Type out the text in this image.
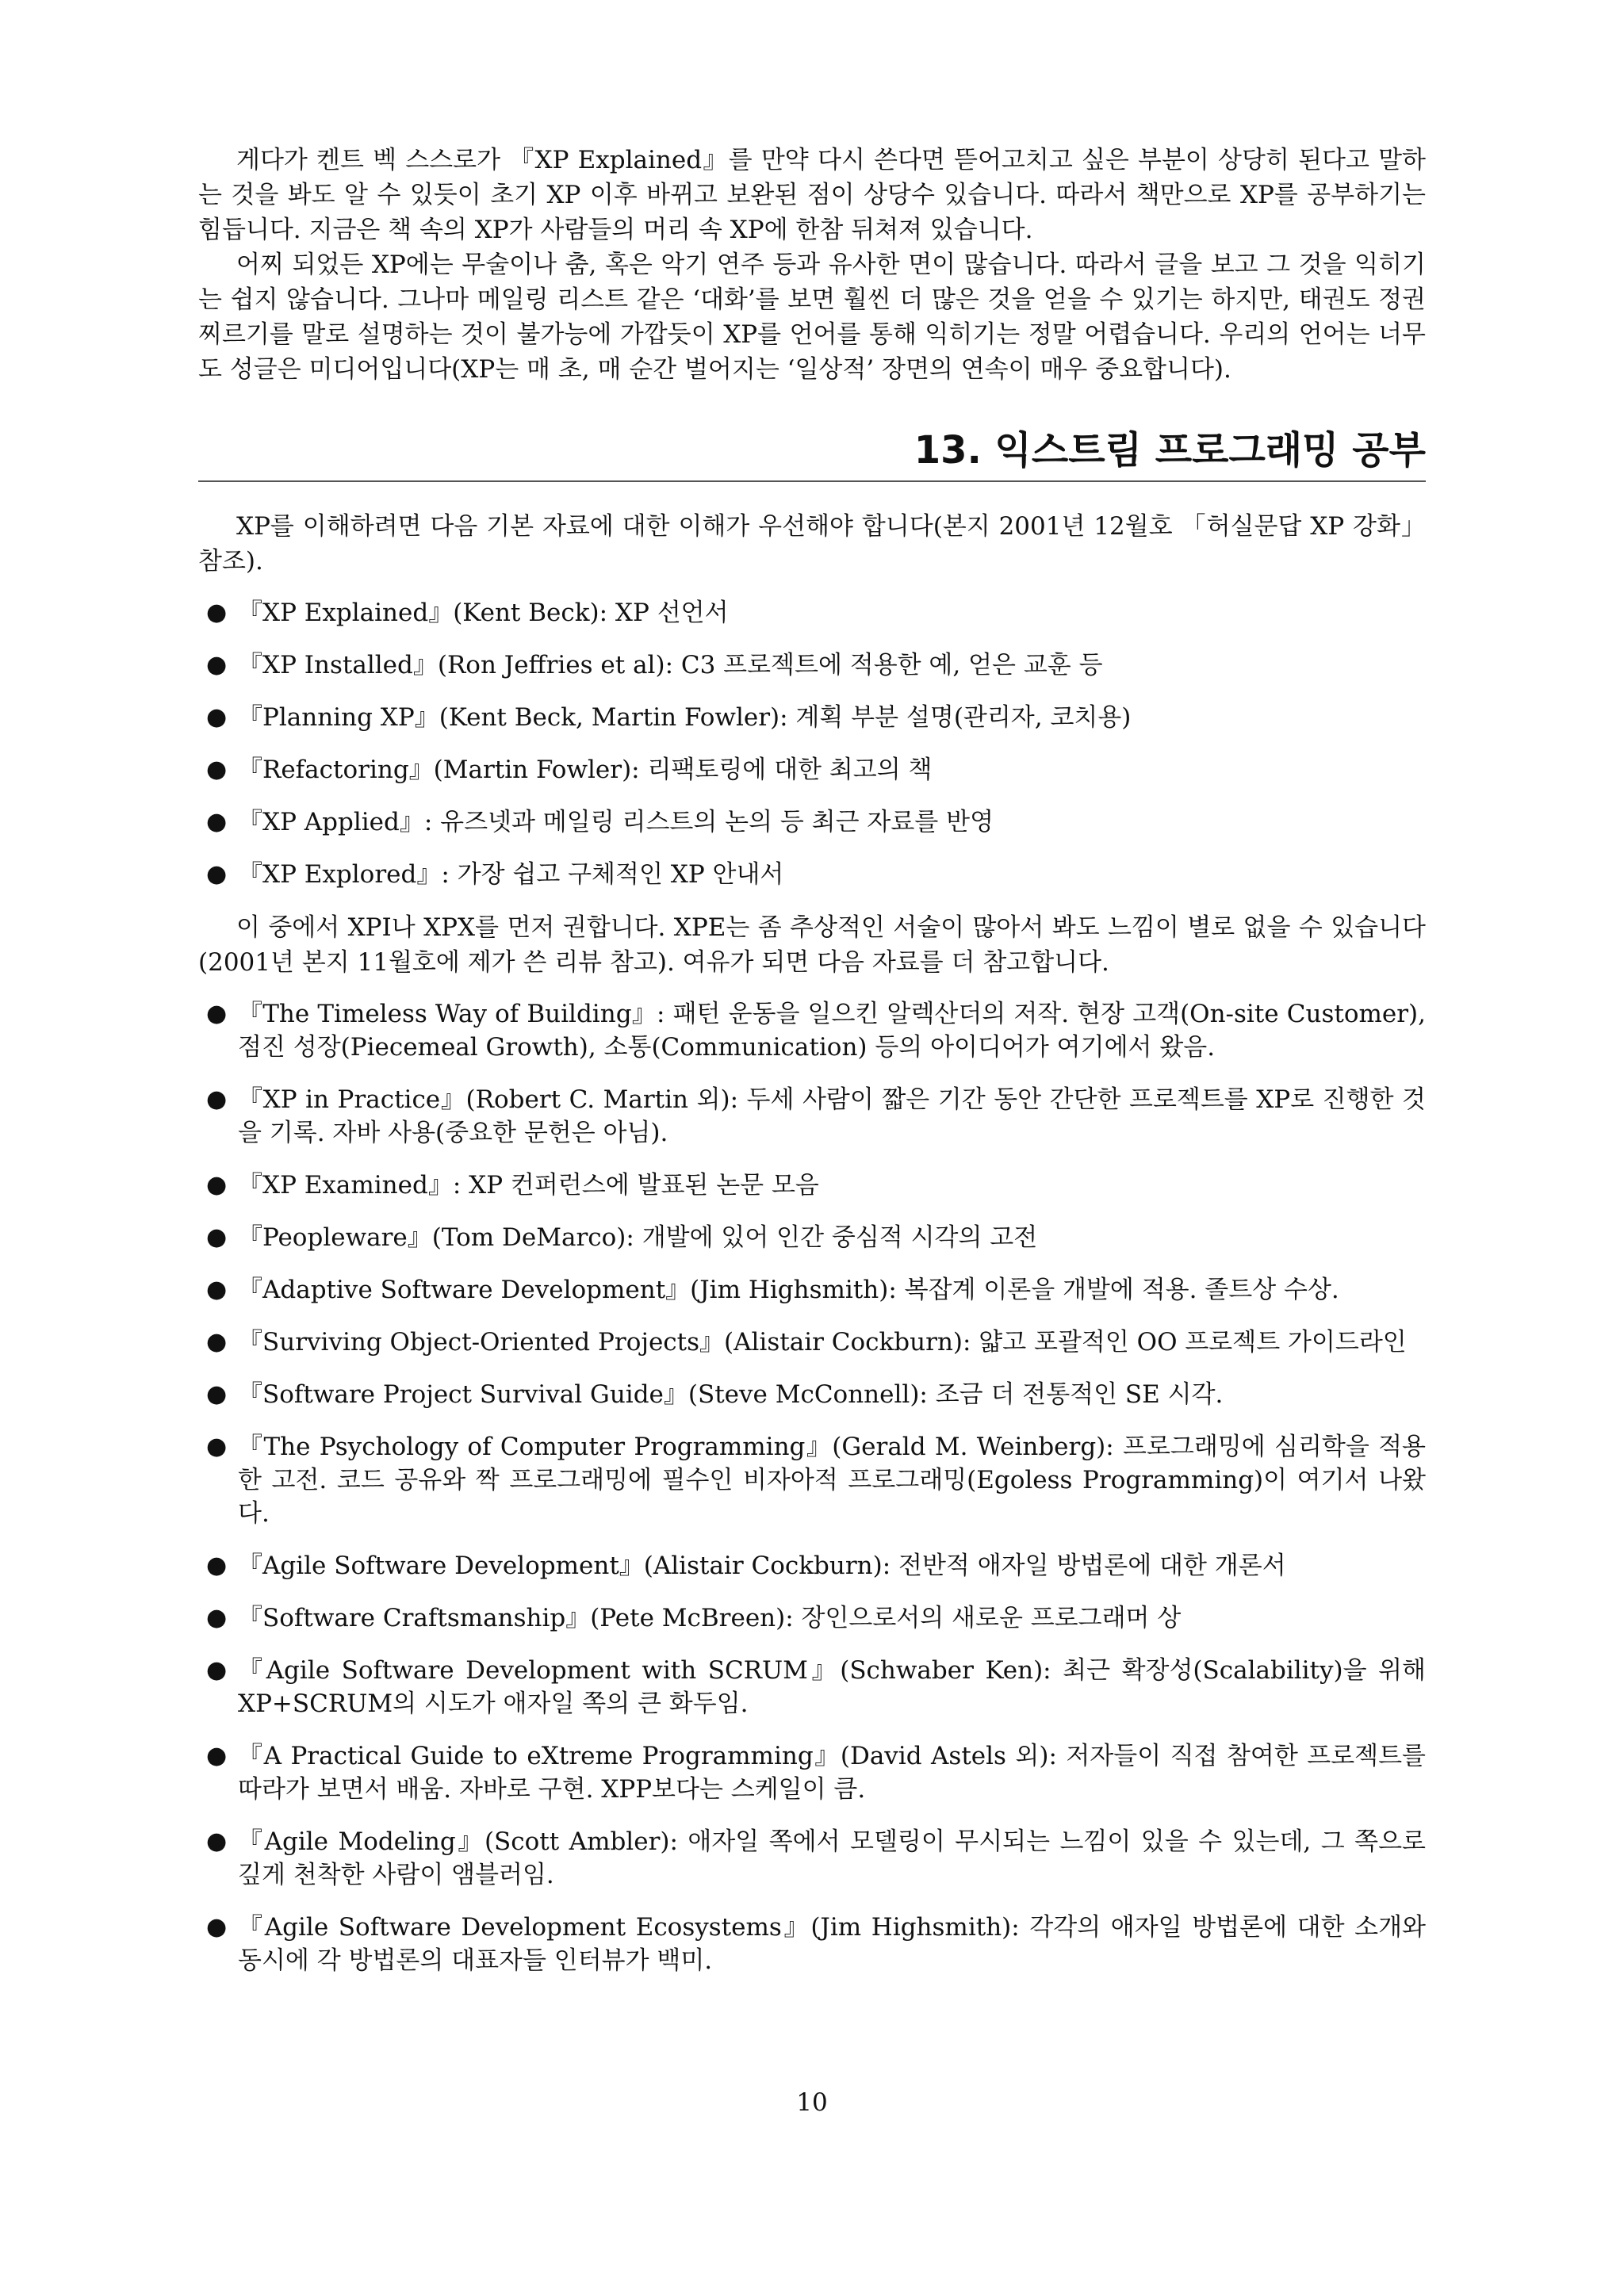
게다가 켄트 벡 스스로가 『XP Explained』를 만약 다시 쓴다면 뜯어고치고 싶은 부분이 상당히 된다고 말하는 것을 봐도 알 수 있듯이 초기 XP 이후 바뀌고 보완된 점이 상당수 있습니다. 따라서 책만으로 XP를 공부하기는 힘듭니다. 지금은 책 속의 XP가 사람들의 머리 속 XP에 한참 뒤쳐져 있습니다.

어찌 되었든 XP에는 무술이나 춤, 혹은 악기 연주 등과 유사한 면이 많습니다. 따라서 글을 보고 그 것을 익히기는 쉽지 않습니다. 그나마 메일링 리스트 같은 ‘대화’를 보면 훨씬 더 많은 것을 얻을 수 있기는 하지만, 태권도 정권 찌르기를 말로 설명하는 것이 불가능에 가깝듯이 XP를 언어를 통해 익히기는 정말 어렵습니다. 우리의 언어는 너무도 성글은 미디어입니다(XP는 매 초, 매 순간 벌어지는 ‘일상적’ 장면의 연속이 매우 중요합니다).

13. 익스트림 프로그래밍 공부

XP를 이해하려면 다음 기본 자료에 대한 이해가 우선해야 합니다(본지 2001년 12월호 「허실문답 XP 강화」 참조).

● 『XP Explained』(Kent Beck): XP 선언서
● 『XP Installed』(Ron Jeffries et al): C3 프로젝트에 적용한 예, 얻은 교훈 등
● 『Planning XP』(Kent Beck, Martin Fowler): 계획 부분 설명(관리자, 코치용)
● 『Refactoring』(Martin Fowler): 리팩토링에 대한 최고의 책
● 『XP Applied』: 유즈넷과 메일링 리스트의 논의 등 최근 자료를 반영
● 『XP Explored』: 가장 쉽고 구체적인 XP 안내서

이 중에서 XPI나 XPX를 먼저 권합니다. XPE는 좀 추상적인 서술이 많아서 봐도 느낌이 별로 없을 수 있습니다(2001년 본지 11월호에 제가 쓴 리뷰 참고). 여유가 되면 다음 자료를 더 참고합니다.

● 『The Timeless Way of Building』: 패턴 운동을 일으킨 알렉산더의 저작. 현장 고객(On-site Customer), 점진 성장(Piecemeal Growth), 소통(Communication) 등의 아이디어가 여기에서 왔음.
● 『XP in Practice』(Robert C. Martin 외): 두세 사람이 짧은 기간 동안 간단한 프로젝트를 XP로 진행한 것을 기록. 자바 사용(중요한 문헌은 아님).
● 『XP Examined』: XP 컨퍼런스에 발표된 논문 모음
● 『Peopleware』(Tom DeMarco): 개발에 있어 인간 중심적 시각의 고전
● 『Adaptive Software Development』(Jim Highsmith): 복잡계 이론을 개발에 적용. 졸트상 수상.
● 『Surviving Object-Oriented Projects』(Alistair Cockburn): 얇고 포괄적인 OO 프로젝트 가이드라인
● 『Software Project Survival Guide』(Steve McConnell): 조금 더 전통적인 SE 시각.
● 『The Psychology of Computer Programming』(Gerald M. Weinberg): 프로그래밍에 심리학을 적용한 고전. 코드 공유와 짝 프로그래밍에 필수인 비자아적 프로그래밍(Egoless Programming)이 여기서 나왔다.
● 『Agile Software Development』(Alistair Cockburn): 전반적 애자일 방법론에 대한 개론서
● 『Software Craftsmanship』(Pete McBreen): 장인으로서의 새로운 프로그래머 상
● 『Agile Software Development with SCRUM』(Schwaber Ken): 최근 확장성(Scalability)을 위해 XP+SCRUM의 시도가 애자일 쪽의 큰 화두임.
● 『A Practical Guide to eXtreme Programming』(David Astels 외): 저자들이 직접 참여한 프로젝트를 따라가 보면서 배움. 자바로 구현. XPP보다는 스케일이 큼.
● 『Agile Modeling』(Scott Ambler): 애자일 쪽에서 모델링이 무시되는 느낌이 있을 수 있는데, 그 쪽으로 깊게 천착한 사람이 앰블러임.
● 『Agile Software Development Ecosystems』(Jim Highsmith): 각각의 애자일 방법론에 대한 소개와 동시에 각 방법론의 대표자들 인터뷰가 백미.
10
